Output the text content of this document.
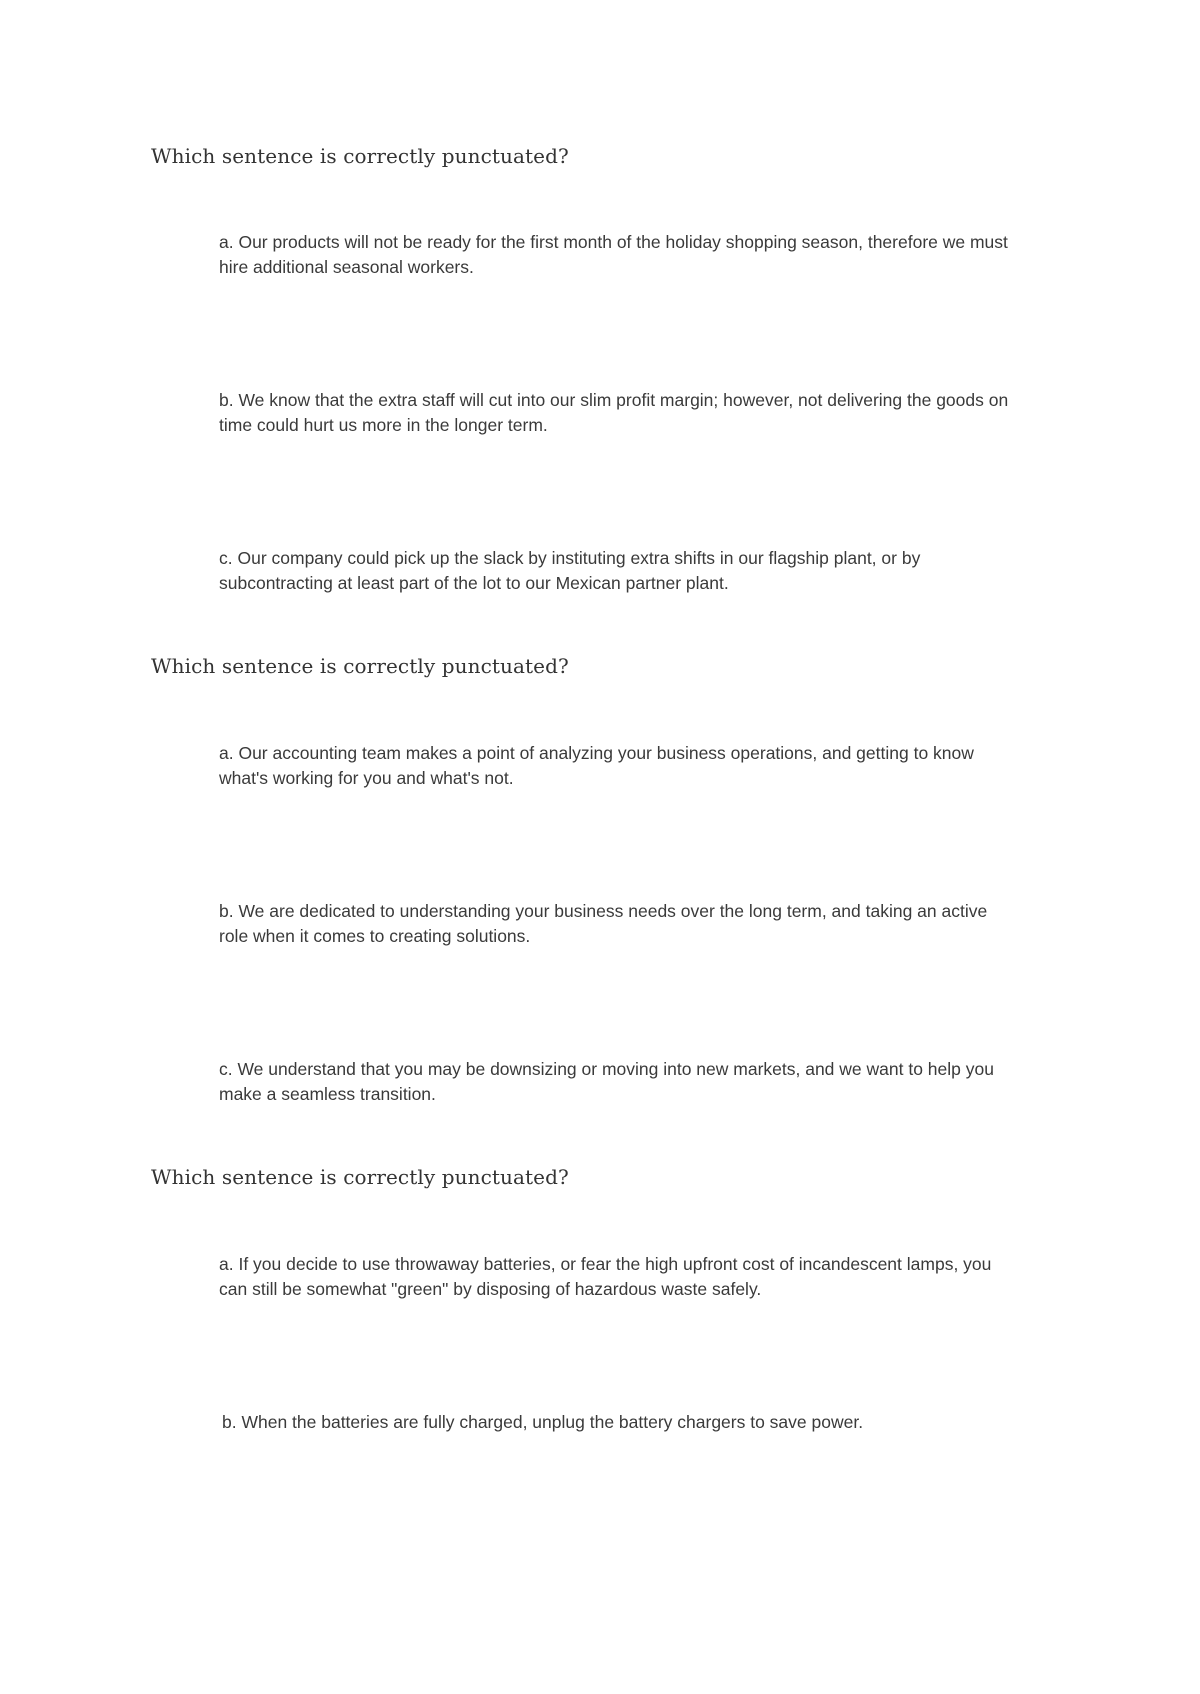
Which sentence is correctly punctuated?

a. Our products will not be ready for the first month of the holiday shopping season, therefore we must hire additional seasonal workers.

b. We know that the extra staff will cut into our slim profit margin; however, not delivering the goods on time could hurt us more in the longer term.

c. Our company could pick up the slack by instituting extra shifts in our flagship plant, or by subcontracting at least part of the lot to our Mexican partner plant.

Which sentence is correctly punctuated?

a. Our accounting team makes a point of analyzing your business operations, and getting to know what's working for you and what's not.

b. We are dedicated to understanding your business needs over the long term, and taking an active role when it comes to creating solutions.

c. We understand that you may be downsizing or moving into new markets, and we want to help you make a seamless transition.

Which sentence is correctly punctuated?

a. If you decide to use throwaway batteries, or fear the high upfront cost of incandescent lamps, you can still be somewhat "green" by disposing of hazardous waste safely.

b. When the batteries are fully charged, unplug the battery chargers to save power.
